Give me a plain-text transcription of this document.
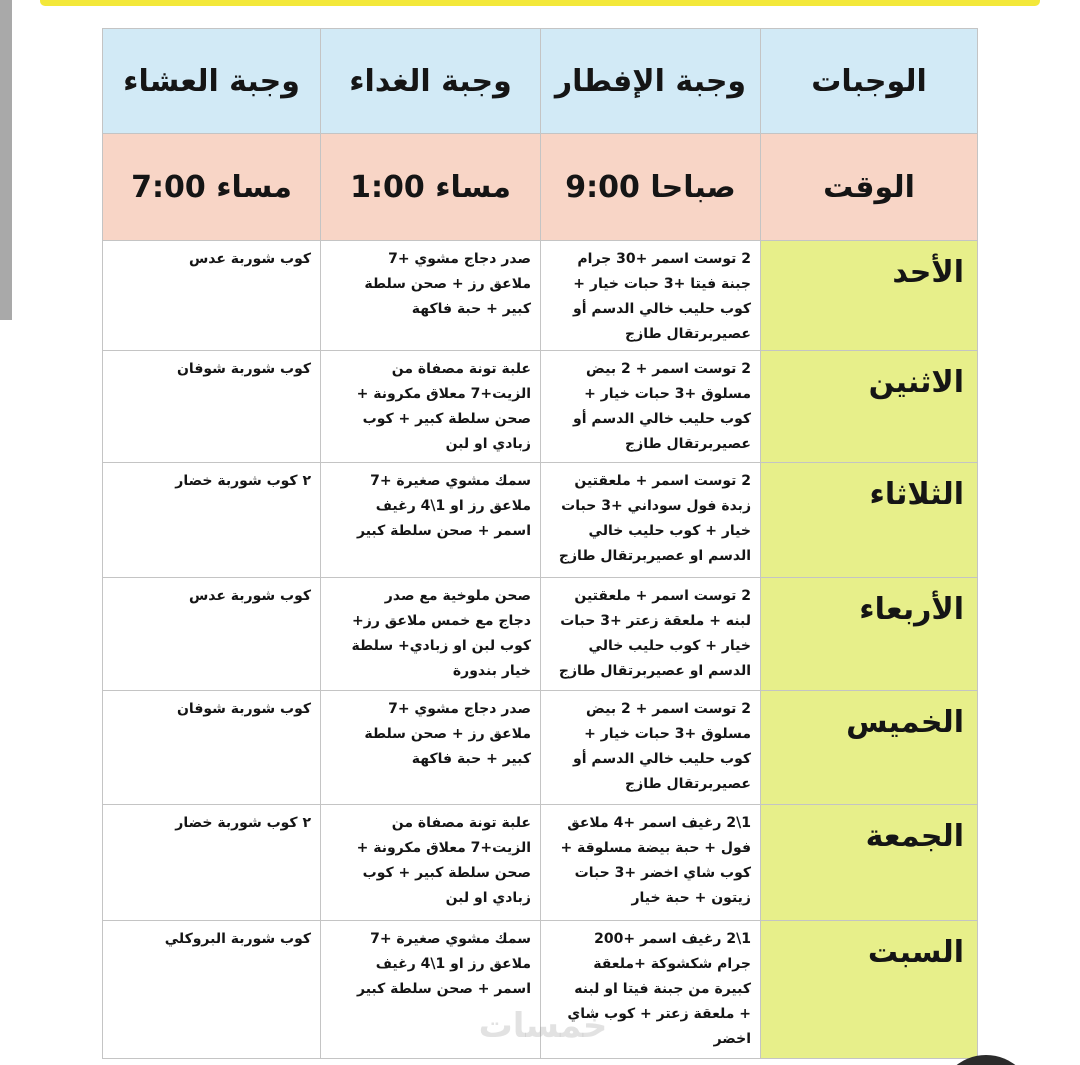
الوجبات
وجبة الإفطار
وجبة الغداء
وجبة العشاء
الوقت
9:00 صباحا
1:00 مساء
7:00 مساء
الأحد
2 توست اسمر +30 جرام
جبنة فيتا +3 حبات خيار +
كوب حليب خالي الدسم أو
عصيربرتقال طازج
صدر دجاج مشوي +7
ملاعق رز + صحن سلطة
كبير + حبة فاكهة
كوب شوربة عدس
الاثنين
2 توست اسمر + 2 بيض
مسلوق +3 حبات خيار +
كوب حليب خالي الدسم أو
عصيربرتقال طازج
علبة تونة مصفاة من
الزيت+7 معلاق مكرونة +
صحن سلطة كبير + كوب
زبادي او لبن
كوب شوربة شوفان
الثلاثاء
2 توست اسمر + ملعقتين
زبدة فول سوداني +3 حبات
خيار + كوب حليب خالي
الدسم او عصيربرتقال طازج
سمك مشوي صغيرة +7
ملاعق رز او 1\4 رغيف
اسمر + صحن سلطة كبير
٢ كوب شوربة خضار
الأربعاء
2 توست اسمر + ملعقتين
لبنه + ملعقة زعتر +3 حبات
خيار + كوب حليب خالي
الدسم او عصيربرتقال طازج
صحن ملوخية مع صدر
دجاج مع خمس ملاعق رز+
كوب لبن او زبادي+ سلطة
خيار بندورة
كوب شوربة عدس
الخميس
2 توست اسمر + 2 بيض
مسلوق +3 حبات خيار +
كوب حليب خالي الدسم أو
عصيربرتقال طازج
صدر دجاج مشوي +7
ملاعق رز + صحن سلطة
كبير + حبة فاكهة
كوب شوربة شوفان
الجمعة
1\2 رغيف اسمر +4 ملاعق
فول + حبة بيضة مسلوقة +
كوب شاي اخضر +3 حبات
زيتون + حبة خيار
علبة تونة مصفاة من
الزيت+7 معلاق مكرونة +
صحن سلطة كبير + كوب
زبادي او لبن
٢ كوب شوربة خضار
السبت
1\2 رغيف اسمر +200
جرام شكشوكة +ملعقة
كبيرة من جبنة فيتا او لبنه
+ ملعقة زعتر + كوب شاي
اخضر
سمك مشوي صغيرة +7
ملاعق رز او 1\4 رغيف
اسمر + صحن سلطة كبير
كوب شوربة البروكلي
خمسات
